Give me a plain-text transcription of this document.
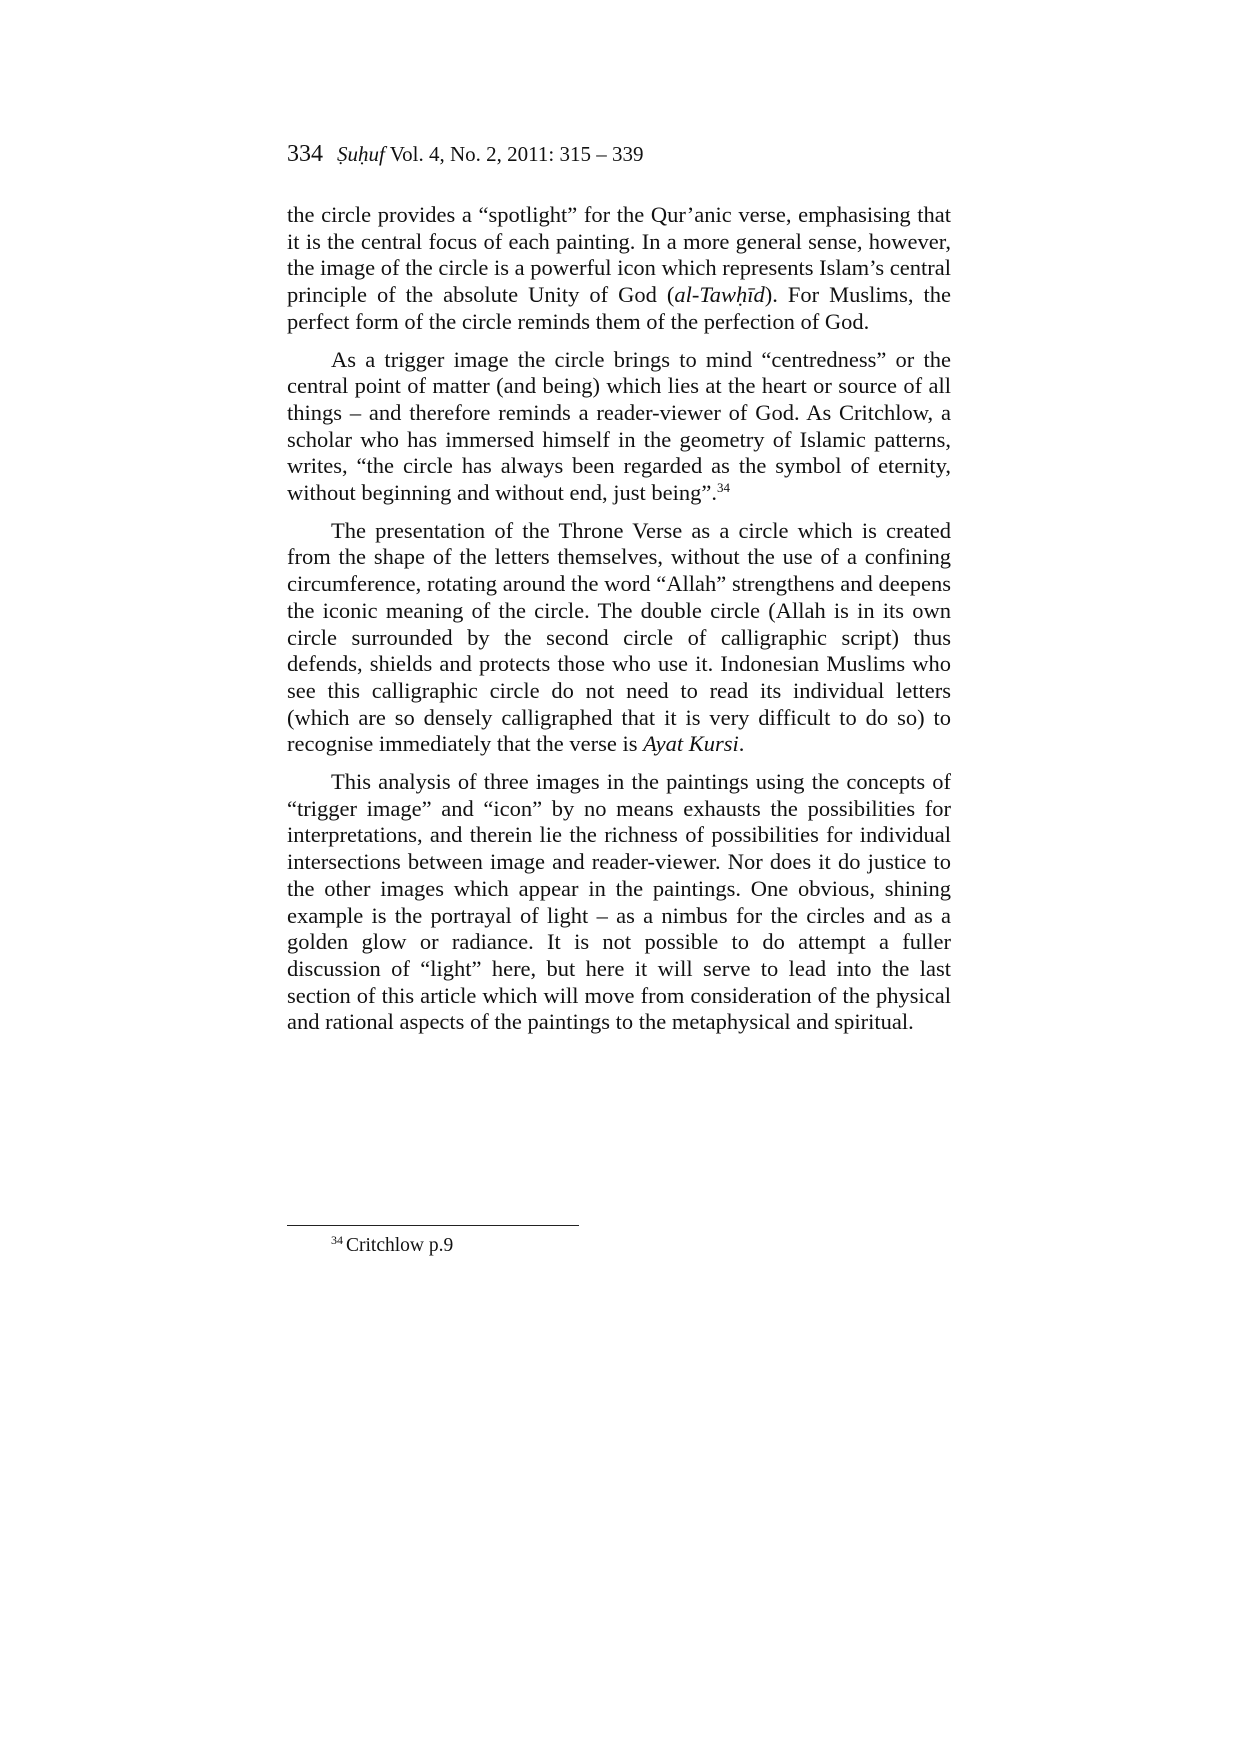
334 Ṣuḥuf Vol. 4, No. 2, 2011: 315 – 339

the circle provides a “spotlight” for the Qur’anic verse, emphasising that it is the central focus of each painting. In a more general sense, however, the image of the circle is a powerful icon which represents Islam’s central principle of the absolute Unity of God (al-Tawḥīd). For Muslims, the perfect form of the circle reminds them of the perfection of God.

As a trigger image the circle brings to mind “centredness” or the central point of matter (and being) which lies at the heart or source of all things – and therefore reminds a reader-viewer of God. As Critchlow, a scholar who has immersed himself in the geometry of Islamic patterns, writes, “the circle has always been regarded as the symbol of eternity, without beginning and without end, just being”.$^{34}$

The presentation of the Throne Verse as a circle which is created from the shape of the letters themselves, without the use of a confining circumference, rotating around the word “Allah” strengthens and deepens the iconic meaning of the circle. The double circle (Allah is in its own circle surrounded by the second circle of calligraphic script) thus defends, shields and protects those who use it. Indonesian Muslims who see this calligraphic circle do not need to read its individual letters (which are so densely calligraphed that it is very difficult to do so) to recognise immediately that the verse is Ayat Kursi.

This analysis of three images in the paintings using the concepts of “trigger image” and “icon” by no means exhausts the possibilities for interpretations, and therein lie the richness of possibilities for individual intersections between image and reader-viewer. Nor does it do justice to the other images which appear in the paintings. One obvious, shining example is the portrayal of light – as a nimbus for the circles and as a golden glow or radiance. It is not possible to do attempt a fuller discussion of “light” here, but here it will serve to lead into the last section of this article which will move from consideration of the physical and rational aspects of the paintings to the metaphysical and spiritual.

$^{34}$ Critchlow p.9
